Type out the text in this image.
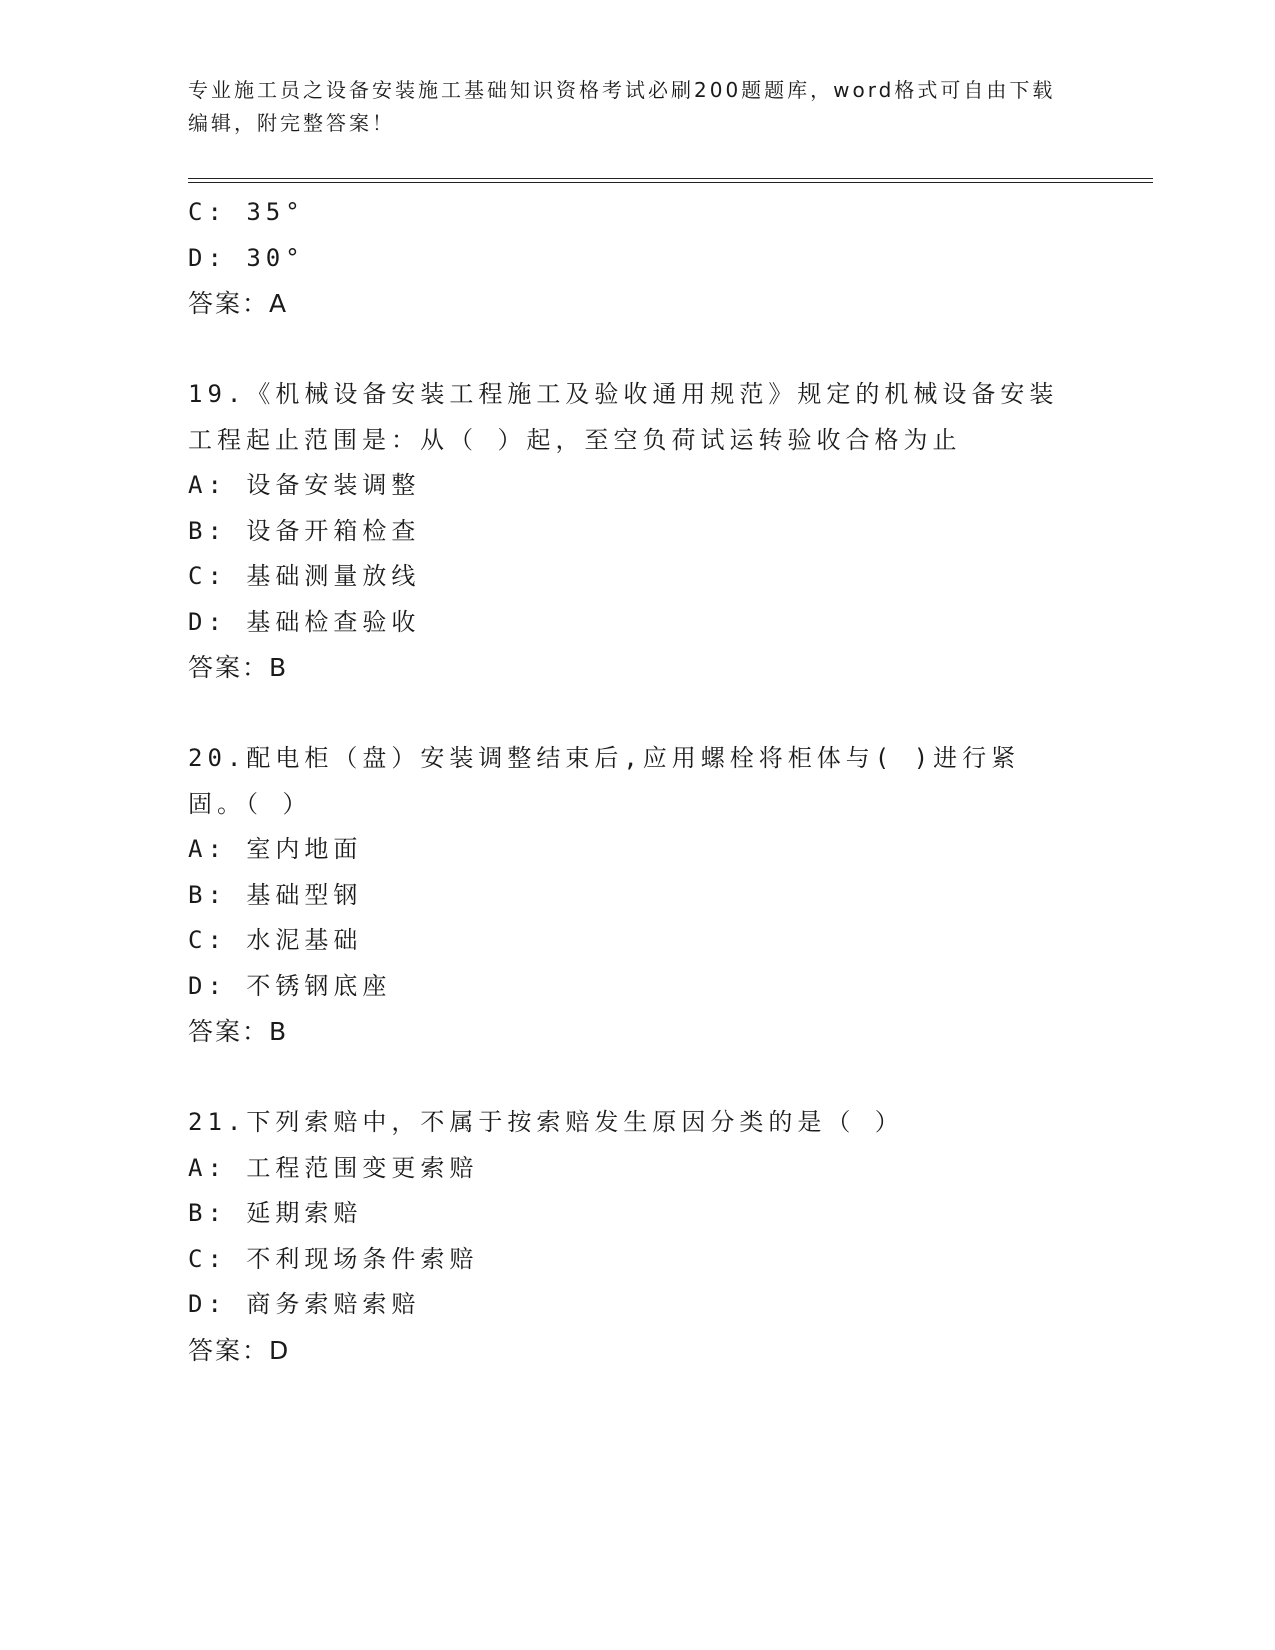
专业施工员之设备安装施工基础知识资格考试必刷200题题库，word格式可自由下载编辑，附完整答案！
C: 35°
D: 30°
答案：A
19.《机械设备安装工程施工及验收通用规范》规定的机械设备安装工程起止范围是：从（ ）起，至空负荷试运转验收合格为止
A: 设备安装调整
B: 设备开箱检查
C: 基础测量放线
D: 基础检查验收
答案：B
20.配电柜（盘）安装调整结束后,应用螺栓将柜体与( )进行紧固。（ ）
A: 室内地面
B: 基础型钢
C: 水泥基础
D: 不锈钢底座
答案：B
21.下列索赔中，不属于按索赔发生原因分类的是（ ）
A: 工程范围变更索赔
B: 延期索赔
C: 不利现场条件索赔
D: 商务索赔索赔
答案：D
